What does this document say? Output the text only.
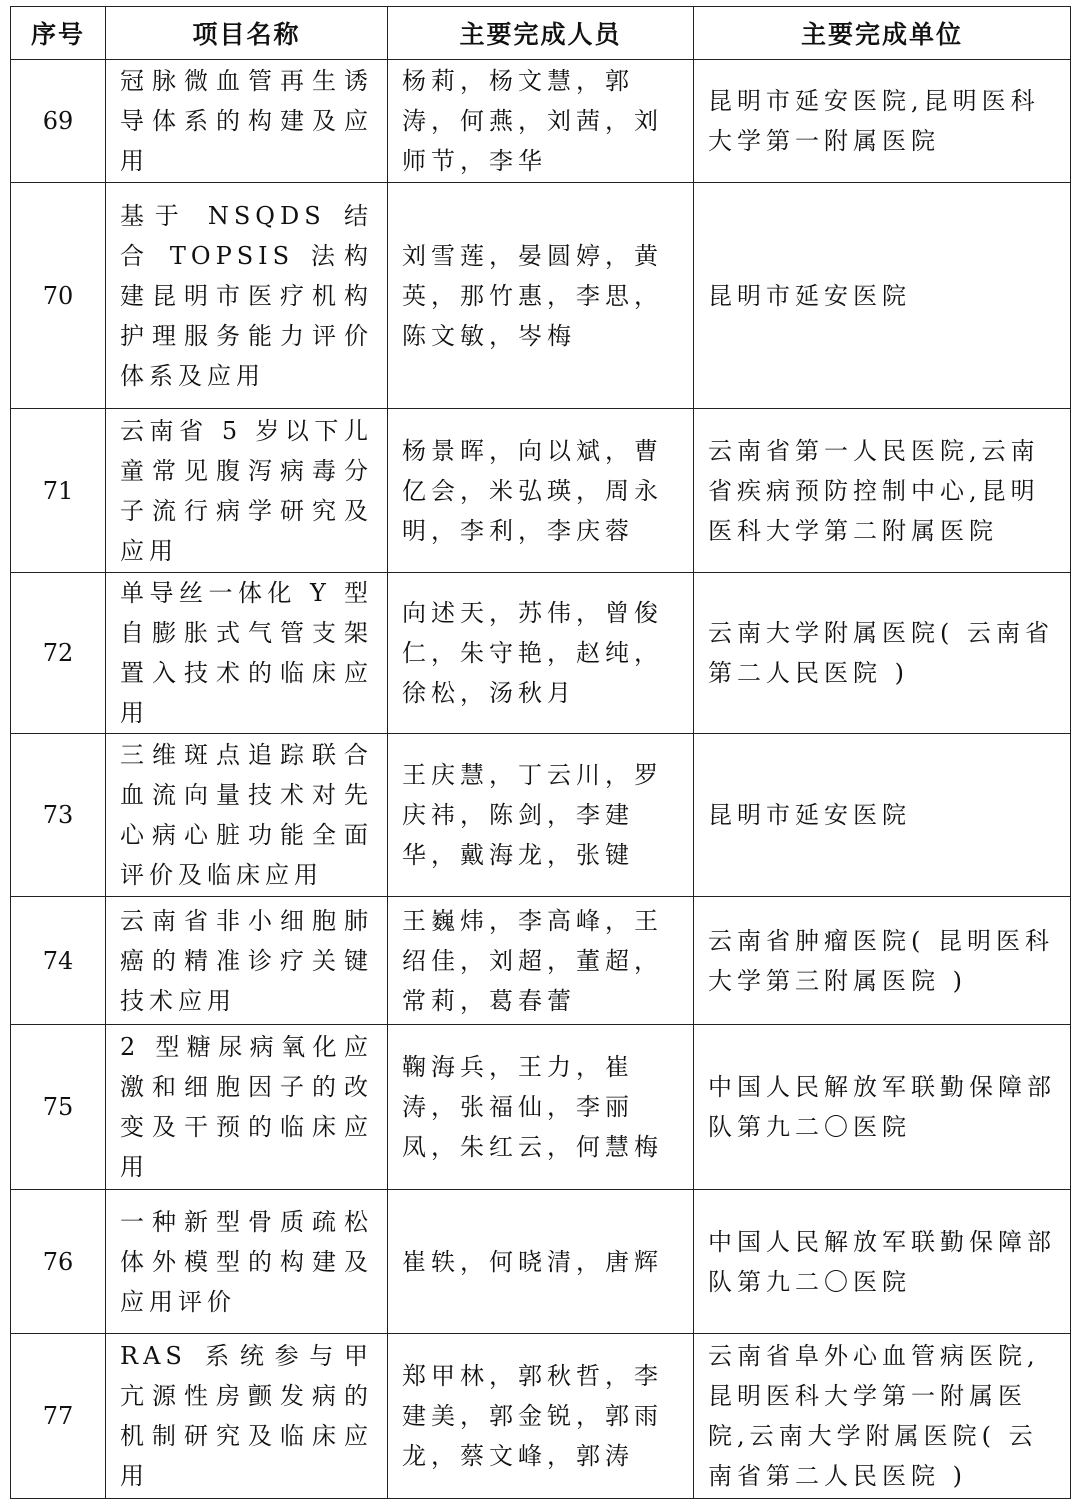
序号	项目名称	主要完成人员	主要完成单位
69	冠脉微血管再生诱导体系的构建及应用	杨莉，杨文慧，郭涛，何燕，刘茜，刘师节，李华	昆明市延安医院,昆明医科大学第一附属医院
70	基于 NSQDS 结合 TOPSIS 法构建昆明市医疗机构护理服务能力评价体系及应用	刘雪莲，晏圆婷，黄英，那竹惠，李思，陈文敏，岑梅	昆明市延安医院
71	云南省 5 岁以下儿童常见腹泻病毒分子流行病学研究及应用	杨景晖，向以斌，曹亿会，米弘瑛，周永明，李利，李庆蓉	云南省第一人民医院,云南省疾病预防控制中心,昆明医科大学第二附属医院
72	单导丝一体化 Y 型自膨胀式气管支架置入技术的临床应用	向述天，苏伟，曾俊仁，朱守艳，赵纯，徐松，汤秋月	云南大学附属医院( 云南省第二人民医院 )
73	三维斑点追踪联合血流向量技术对先心病心脏功能全面评价及临床应用	王庆慧，丁云川，罗庆祎，陈剑，李建华，戴海龙，张键	昆明市延安医院
74	云南省非小细胞肺癌的精准诊疗关键技术应用	王巍炜，李高峰，王绍佳，刘超，董超，常莉，葛春蕾	云南省肿瘤医院( 昆明医科大学第三附属医院 )
75	2 型糖尿病氧化应激和细胞因子的改变及干预的临床应用	鞠海兵，王力，崔涛，张福仙，李丽凤，朱红云，何慧梅	中国人民解放军联勤保障部队第九二〇医院
76	一种新型骨质疏松体外模型的构建及应用评价	崔轶，何晓清，唐辉	中国人民解放军联勤保障部队第九二〇医院
77	RAS 系统参与甲亢源性房颤发病的机制研究及临床应用	郑甲林，郭秋哲，李建美，郭金锐，郭雨龙，蔡文峰，郭涛	云南省阜外心血管病医院,昆明医科大学第一附属医院,云南大学附属医院( 云南省第二人民医院 )
